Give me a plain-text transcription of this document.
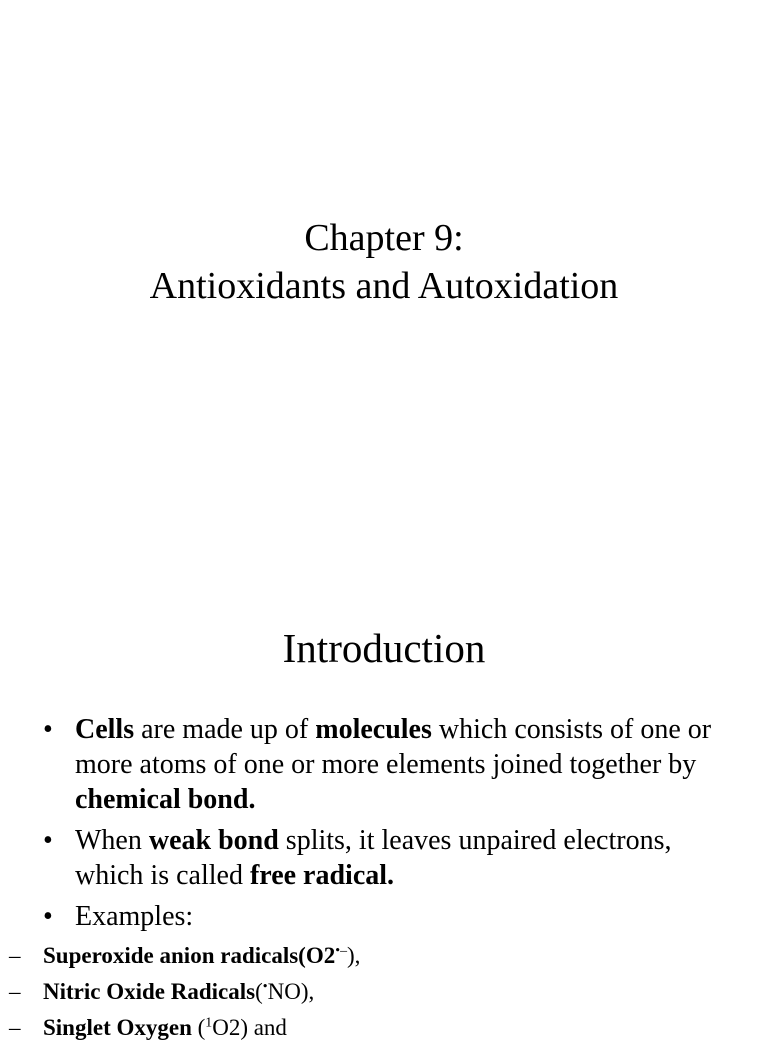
Chapter 9:
Antioxidants and Autoxidation
Introduction
• Cells are made up of molecules which consists of one or more atoms of one or more elements joined together by chemical bond.
• When weak bond splits, it leaves unpaired electrons, which is called free radical.
• Examples:
– Superoxide anion radicals(O2•–),
– Nitric Oxide Radicals(•NO),
– Singlet Oxygen ($^1$O2) and
